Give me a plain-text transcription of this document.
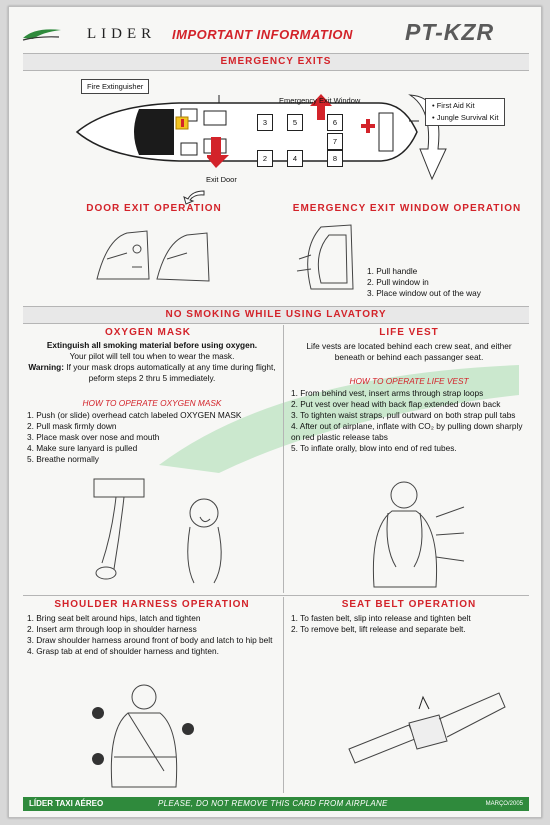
LIDER IMPORTANT INFORMATION PT-KZR
EMERGENCY EXITS
3
2
5
4
6
7
8
Fire Extinguisher
Emergency Exit Window
• First Aid Kit
• Jungle Survival Kit
Exit Door
DOOR EXIT OPERATION	EMERGENCY EXIT WINDOW OPERATION
1. Pull handle
2. Pull window in
3. Place window out of the way
NO SMOKING WHILE USING LAVATORY
OXYGEN MASK
Extinguish all smoking material before using oxygen.
Your pilot will tell tou when to wear the mask.
Warning: If your mask drops automatically at any time during flight, peform steps 2 thru 5 immediately.
HOW TO OPERATE OXYGEN MASK
1. Push (or slide) overhead catch labeled OXYGEN MASK
2. Pull mask firmly down
3. Place mask over nose and mouth
4. Make sure lanyard is pulled
5. Breathe normally
LIFE VEST
Life vests are located behind each crew seat, and either beneath or behind each passanger seat.
HOW TO OPERATE LIFE VEST
1. From behind vest, insert arms through strap loops
2. Put vest over head with back flap extended down back
3. To tighten waist straps, pull outward on both strap pull tabs
4. After out of airplane, inflate with CO₂ by pulling down sharply on red plastic release tabs
5. To inflate orally, blow into end of red tubes.
SHOULDER HARNESS OPERATION	SEAT BELT OPERATION
1. Bring seat belt around hips, latch and tighten
2. Insert arm through loop in shoulder harness
3. Draw shoulder harness around front of body and latch to hip belt
4. Grasp tab at end of shoulder harness and tighten.
1. To fasten belt, slip into release and tighten belt
2. To remove belt, lift release and separate belt.
LÍDER TAXI AÉREO	PLEASE, DO NOT REMOVE THIS CARD FROM AIRPLANE	MARÇO/2005
